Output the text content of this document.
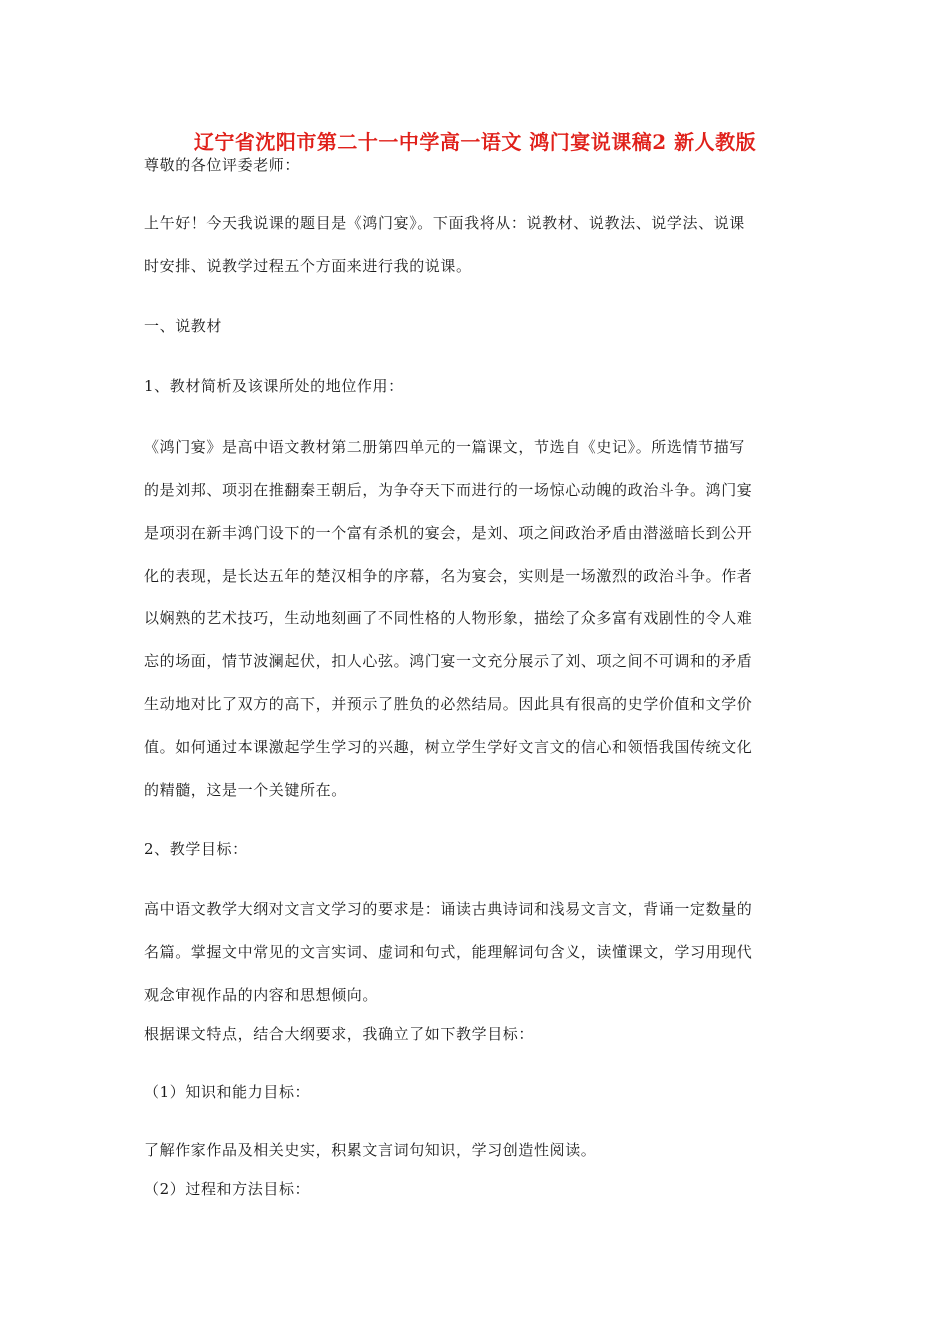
辽宁省沈阳市第二十一中学高一语文 鸿门宴说课稿2 新人教版
尊敬的各位评委老师：
上午好！今天我说课的题目是《鸿门宴》。下面我将从：说教材、说教法、说学法、说课
时安排、说教学过程五个方面来进行我的说课。
一、说教材
1、教材简析及该课所处的地位作用：
《鸿门宴》是高中语文教材第二册第四单元的一篇课文，节选自《史记》。所选情节描写
的是刘邦、项羽在推翻秦王朝后，为争夺天下而进行的一场惊心动魄的政治斗争。鸿门宴
是项羽在新丰鸿门设下的一个富有杀机的宴会，是刘、项之间政治矛盾由潜滋暗长到公开
化的表现，是长达五年的楚汉相争的序幕，名为宴会，实则是一场激烈的政治斗争。作者
以娴熟的艺术技巧，生动地刻画了不同性格的人物形象，描绘了众多富有戏剧性的令人难
忘的场面，情节波澜起伏，扣人心弦。鸿门宴一文充分展示了刘、项之间不可调和的矛盾
生动地对比了双方的高下，并预示了胜负的必然结局。因此具有很高的史学价值和文学价
值。如何通过本课激起学生学习的兴趣，树立学生学好文言文的信心和领悟我国传统文化
的精髓，这是一个关键所在。
2、教学目标：
高中语文教学大纲对文言文学习的要求是：诵读古典诗词和浅易文言文，背诵一定数量的
名篇。掌握文中常见的文言实词、虚词和句式，能理解词句含义，读懂课文，学习用现代
观念审视作品的内容和思想倾向。
根据课文特点，结合大纲要求，我确立了如下教学目标：
（1）知识和能力目标：
了解作家作品及相关史实，积累文言词句知识，学习创造性阅读。
（2）过程和方法目标：
